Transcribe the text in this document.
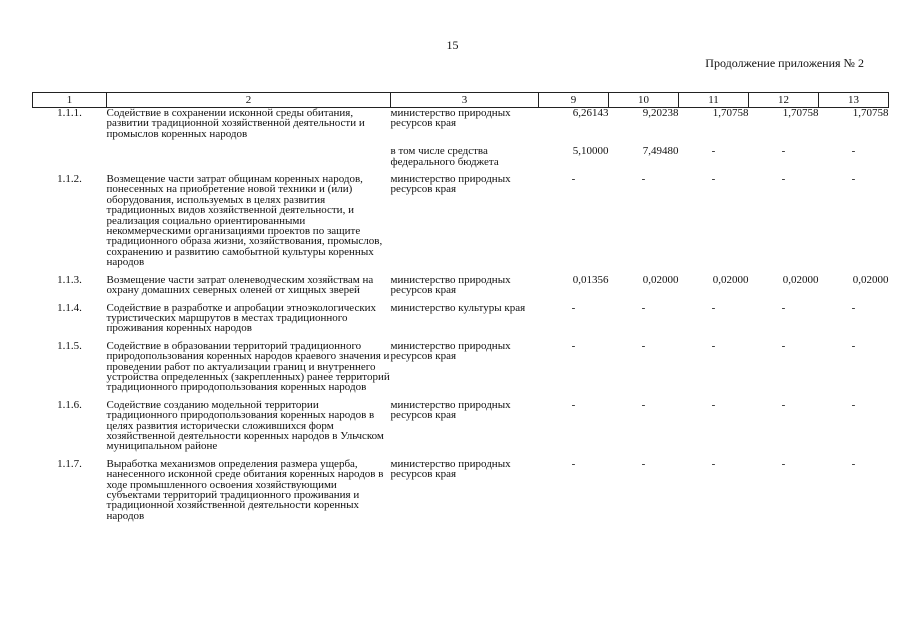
15
Продолжение приложения № 2
1	2	3	9	10	11	12	13
1.1.1.	Содействие в сохранении исконной среды обитания, развитии традиционной хозяйственной деятельности и промыслов коренных народов	министерство природных ресурсов края	6,26143	9,20238	1,70758	1,70758	1,70758
		в том числе средства федерального бюджета	5,10000	7,49480	-	-	-
1.1.2.	Возмещение части затрат общинам коренных народов, понесенных на приобретение новой техники и (или) оборудования, используемых в целях развития традиционных видов хозяйственной деятельности, и реализация социально ориентированными некоммерческими организациями проектов по защите традиционного образа жизни, хозяйствования, промыслов, сохранению и развитию самобытной культуры коренных народов	министерство природных ресурсов края	-	-	-	-	-
1.1.3.	Возмещение части затрат оленеводческим хозяйствам на охрану домашних северных оленей от хищных зверей	министерство природных ресурсов края	0,01356	0,02000	0,02000	0,02000	0,02000
1.1.4.	Содействие в разработке и апробации этноэкологических туристических маршрутов в местах традиционного проживания коренных народов	министерство культуры края	-	-	-	-	-
1.1.5.	Содействие в образовании территорий традиционного природопользования коренных народов краевого значения и проведении работ по актуализации границ и внутреннего устройства определенных (закрепленных) ранее территорий традиционного природопользования коренных народов	министерство природных ресурсов края	-	-	-	-	-
1.1.6.	Содействие созданию модельной территории традиционного природопользования коренных народов в целях развития исторически сложившихся форм хозяйственной деятельности коренных народов в Ульчском муниципальном районе	министерство природных ресурсов края	-	-	-	-	-
1.1.7.	Выработка механизмов определения размера ущерба, нанесенного исконной среде обитания коренных народов в ходе промышленного освоения хозяйствующими субъектами территорий традиционного проживания и традиционной хозяйственной деятельности коренных народов	министерство природных ресурсов края	-	-	-	-	-
